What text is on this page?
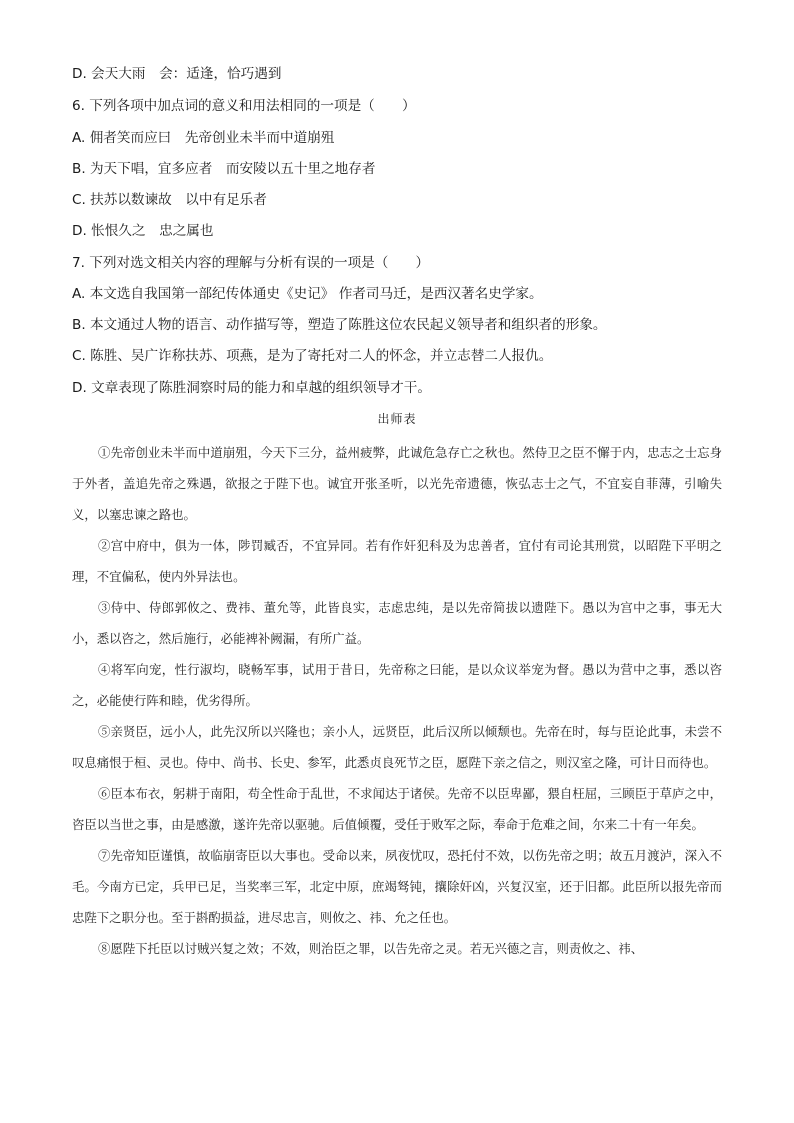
D. 会天大雨　会：适逢，恰巧遇到
6. 下列各项中加点词的意义和用法相同的一项是（　　）
A. 佣者笑而应曰　先帝创业未半而中道崩殂
B. 为天下唱，宜多应者　而安陵以五十里之地存者
C. 扶苏以数谏故　以中有足乐者
D. 怅恨久之　忠之属也
7. 下列对选文相关内容的理解与分析有误的一项是（　　）
A. 本文选自我国第一部纪传体通史《史记》 作者司马迁，是西汉著名史学家。
B. 本文通过人物的语言、动作描写等，塑造了陈胜这位农民起义领导者和组织者的形象。
C. 陈胜、吴广诈称扶苏、项燕，是为了寄托对二人的怀念，并立志替二人报仇。
D. 文章表现了陈胜洞察时局的能力和卓越的组织领导才干。
出师表

①先帝创业未半而中道崩殂，今天下三分，益州疲弊，此诚危急存亡之秋也。然侍卫之臣不懈于内，忠志之士忘身于外者，盖追先帝之殊遇，欲报之于陛下也。诚宜开张圣听，以光先帝遗德，恢弘志士之气，不宜妄自菲薄，引喻失义，以塞忠谏之路也。

②宫中府中，俱为一体，陟罚臧否，不宜异同。若有作奸犯科及为忠善者，宜付有司论其刑赏，以昭陛下平明之理，不宜偏私，使内外异法也。

③侍中、侍郎郭攸之、费祎、董允等，此皆良实，志虑忠纯，是以先帝简拔以遗陛下。愚以为宫中之事，事无大小，悉以咨之，然后施行，必能裨补阙漏，有所广益。

④将军向宠，性行淑均，晓畅军事，试用于昔日，先帝称之曰能，是以众议举宠为督。愚以为营中之事，悉以咨之，必能使行阵和睦，优劣得所。

⑤亲贤臣，远小人，此先汉所以兴隆也；亲小人，远贤臣，此后汉所以倾颓也。先帝在时，每与臣论此事，未尝不叹息痛恨于桓、灵也。侍中、尚书、长史、参军，此悉贞良死节之臣，愿陛下亲之信之，则汉室之隆，可计日而待也。

⑥臣本布衣，躬耕于南阳，苟全性命于乱世，不求闻达于诸侯。先帝不以臣卑鄙，猥自枉屈，三顾臣于草庐之中，咨臣以当世之事，由是感激，遂许先帝以驱驰。后值倾覆，受任于败军之际，奉命于危难之间，尔来二十有一年矣。

⑦先帝知臣谨慎，故临崩寄臣以大事也。受命以来，夙夜忧叹，恐托付不效，以伤先帝之明；故五月渡泸，深入不毛。今南方已定，兵甲已足，当奖率三军，北定中原，庶竭驽钝，攘除奸凶，兴复汉室，还于旧都。此臣所以报先帝而忠陛下之职分也。至于斟酌损益，进尽忠言，则攸之、祎、允之任也。

⑧愿陛下托臣以讨贼兴复之效；不效，则治臣之罪，以告先帝之灵。若无兴德之言，则责攸之、祎、
